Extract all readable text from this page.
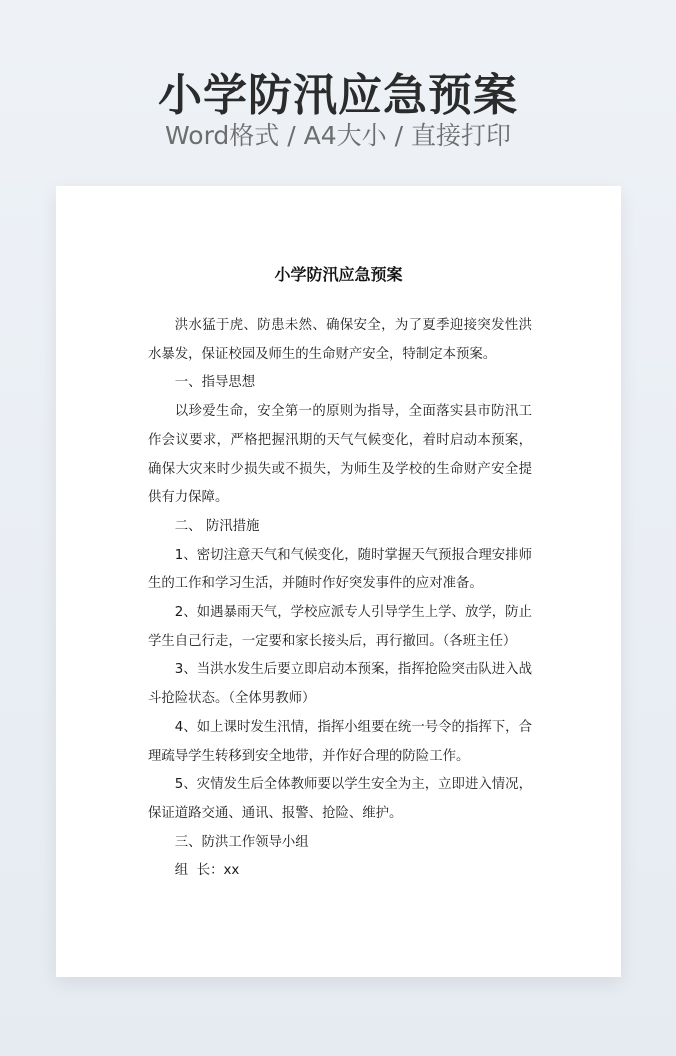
小学防汛应急预案
Word格式 / A4大小 / 直接打印
小学防汛应急预案

洪水猛于虎、防患未然、确保安全，为了夏季迎接突发性洪水暴发，保证校园及师生的生命财产安全，特制定本预案。

一、指导思想

以珍爱生命，安全第一的原则为指导，全面落实县市防汛工作会议要求，严格把握汛期的天气气候变化，着时启动本预案，确保大灾来时少损失或不损失，为师生及学校的生命财产安全提供有力保障。

二、 防汛措施

1、密切注意天气和气候变化，随时掌握天气预报合理安排师生的工作和学习生活，并随时作好突发事件的应对准备。

2、如遇暴雨天气，学校应派专人引导学生上学、放学，防止学生自己行走，一定要和家长接头后，再行撤回。（各班主任）

3、当洪水发生后要立即启动本预案，指挥抢险突击队进入战斗抢险状态。（全体男教师）

4、如上课时发生汛情，指挥小组要在统一号令的指挥下，合理疏导学生转移到安全地带，并作好合理的防险工作。

5、灾情发生后全体教师要以学生安全为主，立即进入情况，保证道路交通、通讯、报警、抢险、维护。

三、防洪工作领导小组

组  长：xx
